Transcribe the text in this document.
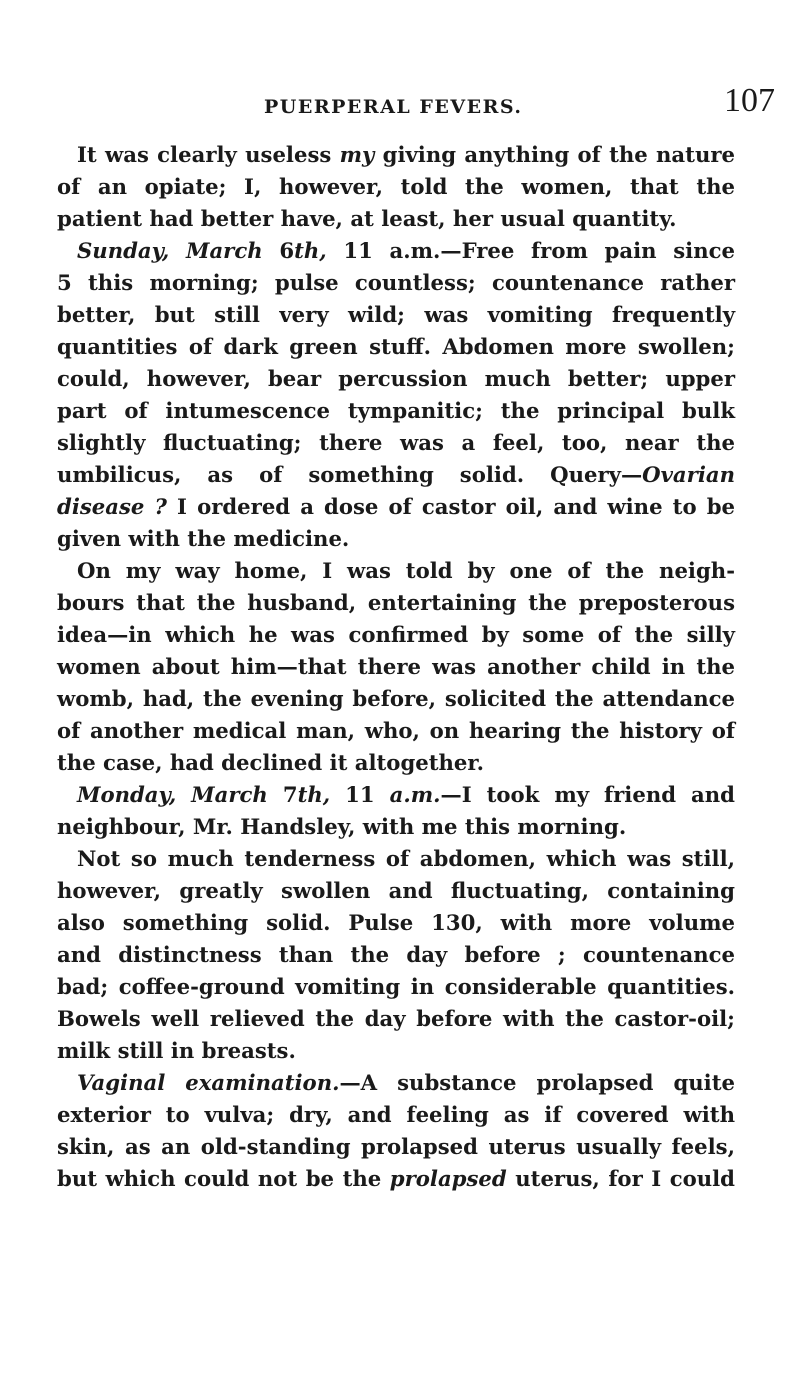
PUERPERAL FEVERS.	107
It was clearly useless my giving anything of the nature
of an opiate; I, however, told the women, that the
patient had better have, at least, her usual quantity.
Sunday, March 6th, 11 a.m.—Free from pain since
5 this morning; pulse countless; countenance rather
better, but still very wild; was vomiting frequently
quantities of dark green stuff. Abdomen more swollen;
could, however, bear percussion much better; upper
part of intumescence tympanitic; the principal bulk
slightly fluctuating; there was a feel, too, near the
umbilicus, as of something solid. Query—Ovarian
disease ? I ordered a dose of castor oil, and wine to be
given with the medicine.
On my way home, I was told by one of the neigh-
bours that the husband, entertaining the preposterous
idea—in which he was confirmed by some of the silly
women about him—that there was another child in the
womb, had, the evening before, solicited the attendance
of another medical man, who, on hearing the history of
the case, had declined it altogether.
Monday, March 7th, 11 a.m.—I took my friend and
neighbour, Mr. Handsley, with me this morning.
Not so much tenderness of abdomen, which was still,
however, greatly swollen and fluctuating, containing
also something solid. Pulse 130, with more volume
and distinctness than the day before ; countenance
bad; coffee-ground vomiting in considerable quantities.
Bowels well relieved the day before with the castor-oil;
milk still in breasts.
Vaginal examination.—A substance prolapsed quite
exterior to vulva; dry, and feeling as if covered with
skin, as an old-standing prolapsed uterus usually feels,
but which could not be the prolapsed uterus, for I could
